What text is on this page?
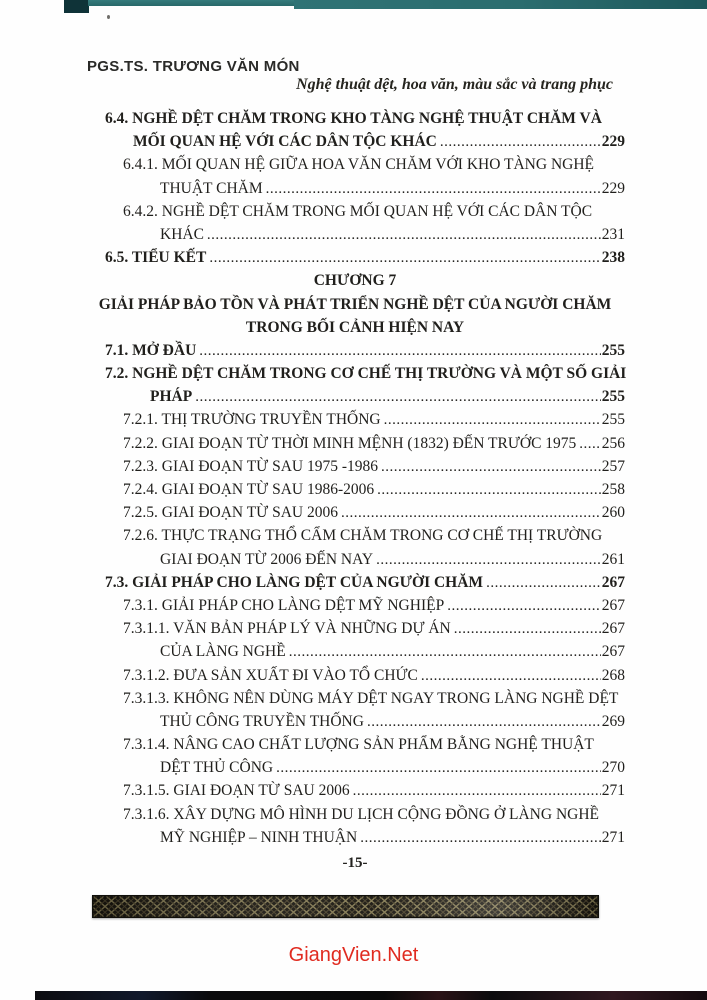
PGS.TS. TRƯƠNG VĂN MÓN
Nghệ thuật dệt, hoa văn, màu sắc và trang phục
6.4. NGHỀ DỆT CHĂM TRONG KHO TÀNG NGHỆ THUẬT CHĂM VÀ
MỐI QUAN HỆ VỚI CÁC DÂN TỘC KHÁC .....	229
6.4.1. MỐI QUAN HỆ GIỮA HOA VĂN CHĂM VỚI KHO TÀNG NGHỆ
THUẬT CHĂM .....	229
6.4.2. NGHỀ DỆT CHĂM TRONG MỐI QUAN HỆ VỚI CÁC DÂN TỘC
KHÁC .....	231
6.5. TIỂU KẾT .....	238
CHƯƠNG 7
GIẢI PHÁP BẢO TỒN VÀ PHÁT TRIỂN NGHỀ DỆT CỦA NGƯỜI CHĂM
TRONG BỐI CẢNH HIỆN NAY
7.1. MỞ ĐẦU .....	255
7.2. NGHỀ DỆT CHĂM TRONG CƠ CHẾ THỊ TRƯỜNG VÀ MỘT SỐ GIẢI
PHÁP .....	255
7.2.1. THỊ TRƯỜNG TRUYỀN THỐNG .....	255
7.2.2. GIAI ĐOẠN TỪ THỜI MINH MỆNH (1832) ĐẾN TRƯỚC 1975 ..... 256
7.2.3. GIAI ĐOẠN TỪ SAU 1975 -1986 .....	257
7.2.4. GIAI ĐOẠN TỪ SAU 1986-2006 .....	258
7.2.5. GIAI ĐOẠN TỪ SAU 2006 .....	260
7.2.6. THỰC TRẠNG THỔ CẨM CHĂM TRONG CƠ CHẾ THỊ TRƯỜNG
GIAI ĐOẠN TỪ 2006 ĐẾN NAY .....	261
7.3. GIẢI PHÁP CHO LÀNG DỆT CỦA NGƯỜI CHĂM .....	267
7.3.1. GIẢI PHÁP CHO LÀNG DỆT MỸ NGHIỆP .....	267
7.3.1.1. VĂN BẢN PHÁP LÝ VÀ NHỮNG DỰ ÁN .....	267
CỦA LÀNG NGHỀ .....	267
7.3.1.2. ĐƯA SẢN XUẤT ĐI VÀO TỔ CHỨC .....	268
7.3.1.3. KHÔNG NÊN DÙNG MÁY DỆT NGAY TRONG LÀNG NGHỀ DỆT
THỦ CÔNG TRUYỀN THỐNG .....	269
7.3.1.4. NÂNG CAO CHẤT LƯỢNG SẢN PHẨM BẰNG NGHỆ THUẬT
DỆT THỦ CÔNG .....	270
7.3.1.5. GIAI ĐOẠN TỪ SAU 2006 .....	271
7.3.1.6. XÂY DỰNG MÔ HÌNH DU LỊCH CỘNG ĐỒNG Ở LÀNG NGHỀ
MỸ NGHIỆP – NINH THUẬN .....	271
-15-
GiangVien.Net
